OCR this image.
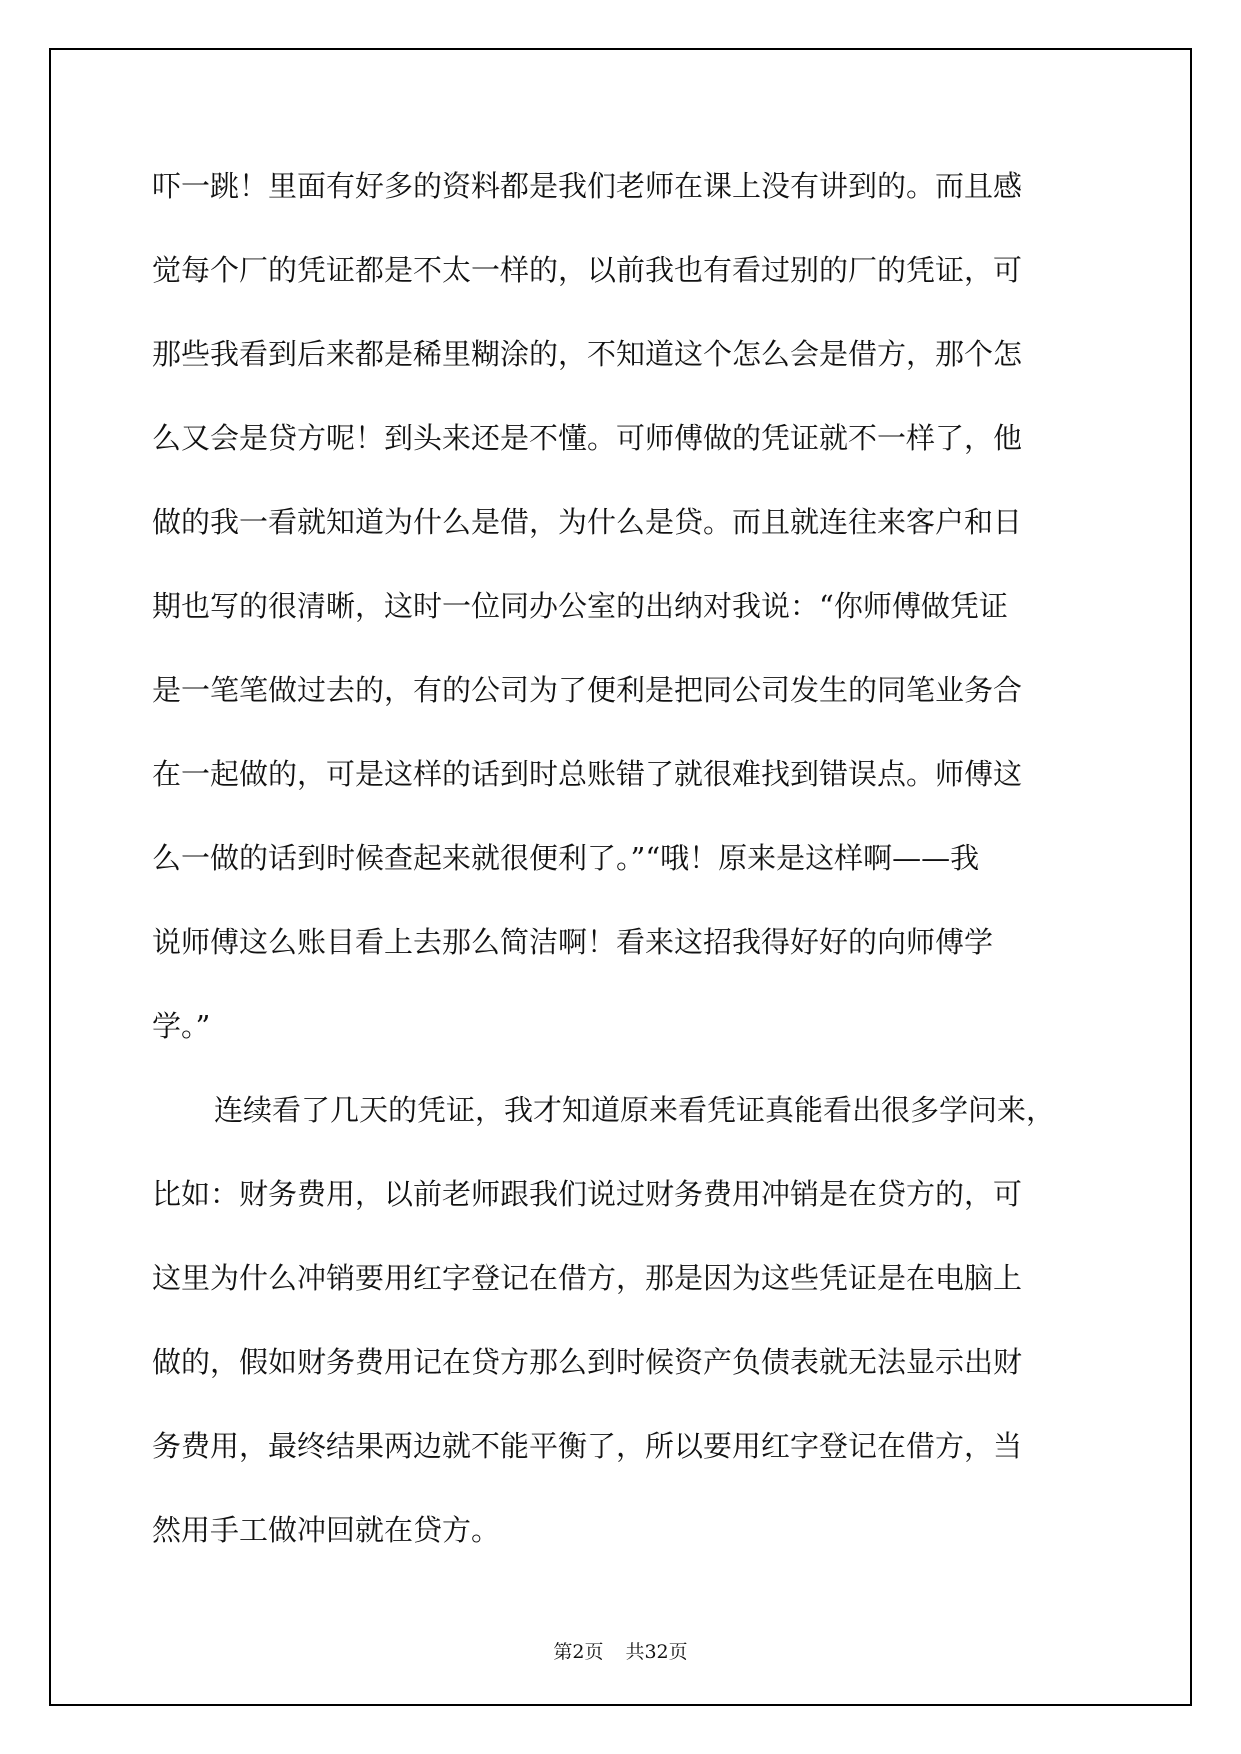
吓一跳！里面有好多的资料都是我们老师在课上没有讲到的。而且感
觉每个厂的凭证都是不太一样的，以前我也有看过别的厂的凭证，可
那些我看到后来都是稀里糊涂的，不知道这个怎么会是借方，那个怎
么又会是贷方呢！到头来还是不懂。可师傅做的凭证就不一样了，他
做的我一看就知道为什么是借，为什么是贷。而且就连往来客户和日
期也写的很清晰，这时一位同办公室的出纳对我说：“你师傅做凭证
是一笔笔做过去的，有的公司为了便利是把同公司发生的同笔业务合
在一起做的，可是这样的话到时总账错了就很难找到错误点。师傅这
么一做的话到时候查起来就很便利了。”“哦！原来是这样啊——我
说师傅这么账目看上去那么简洁啊！看来这招我得好好的向师傅学
学。”
连续看了几天的凭证，我才知道原来看凭证真能看出很多学问来，
比如：财务费用，以前老师跟我们说过财务费用冲销是在贷方的，可
这里为什么冲销要用红字登记在借方，那是因为这些凭证是在电脑上
做的，假如财务费用记在贷方那么到时候资产负债表就无法显示出财
务费用，最终结果两边就不能平衡了，所以要用红字登记在借方，当
然用手工做冲回就在贷方。
第2页 共32页
